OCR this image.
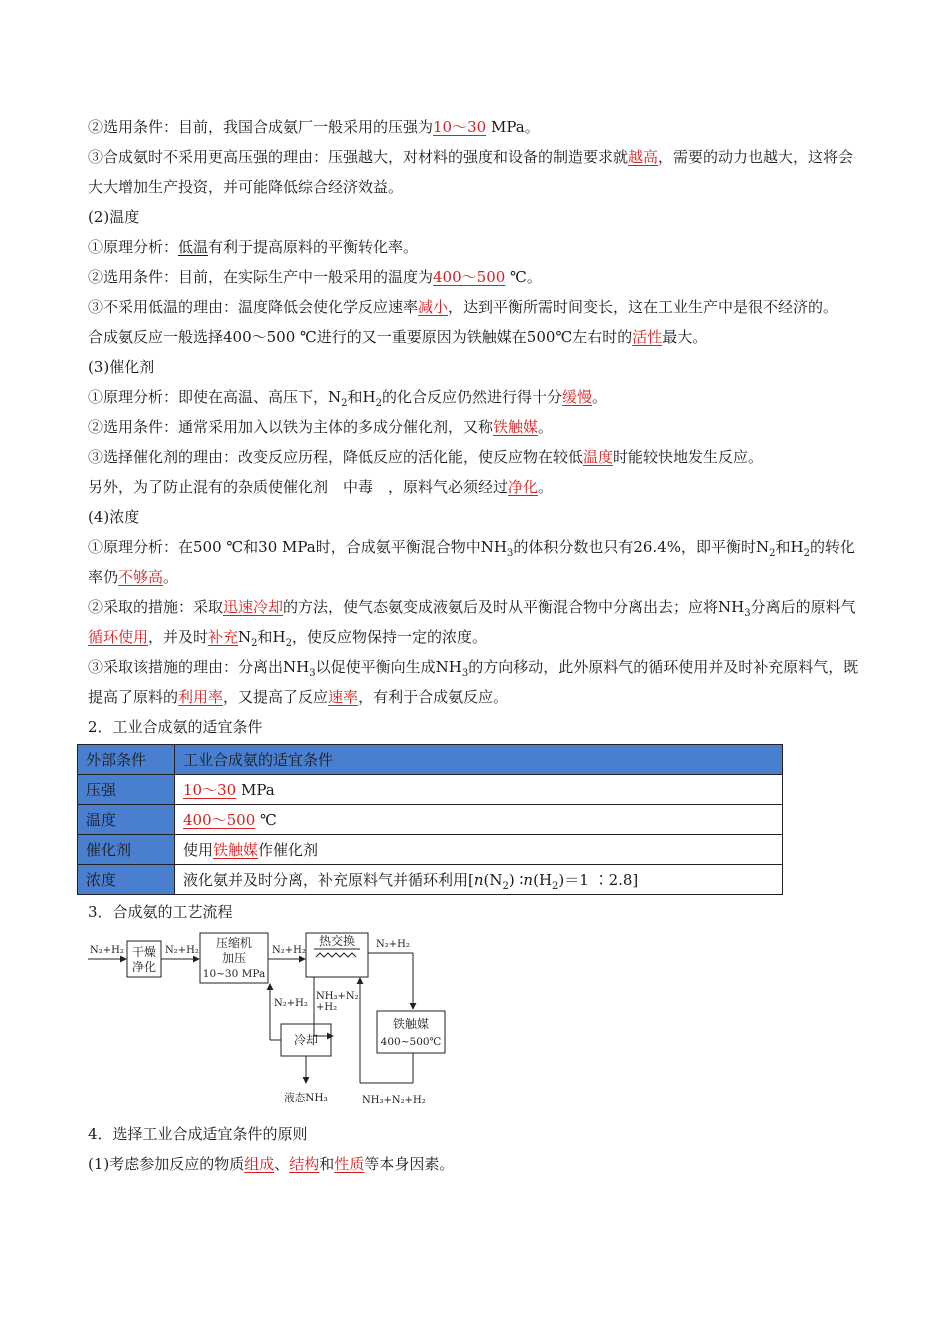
②选用条件：目前，我国合成氨厂一般采用的压强为10～30 MPa。
③合成氨时不采用更高压强的理由：压强越大，对材料的强度和设备的制造要求就越高，需要的动力也越大，这将会大大增加生产投资，并可能降低综合经济效益。
(2)温度
①原理分析：低温有利于提高原料的平衡转化率。
②选用条件：目前，在实际生产中一般采用的温度为400～500 ℃。
③不采用低温的理由：温度降低会使化学反应速率减小，达到平衡所需时间变长，这在工业生产中是很不经济的。
合成氨反应一般选择400～500 ℃进行的又一重要原因为铁触媒在500℃左右时的活性最大。
(3)催化剂
①原理分析：即使在高温、高压下，$N_2$和$H_2$的化合反应仍然进行得十分缓慢。
②选用条件：通常采用加入以铁为主体的多成分催化剂，又称铁触媒。
③选择催化剂的理由：改变反应历程，降低反应的活化能，使反应物在较低温度时能较快地发生反应。
另外，为了防止混有的杂质使催化剂　中毒　，原料气必须经过净化。
(4)浓度
①原理分析：在500 ℃和30 MPa时，合成氨平衡混合物中$NH_3$的体积分数也只有26.4%，即平衡时$N_2$和$H_2$的转化率仍不够高。
②采取的措施：采取迅速冷却的方法，使气态氨变成液氨后及时从平衡混合物中分离出去；应将$NH_3$分离后的原料气循环使用，并及时补充$N_2$和$H_2$，使反应物保持一定的浓度。
③采取该措施的理由：分离出$NH_3$以促使平衡向生成$NH_3$的方向移动，此外原料气的循环使用并及时补充原料气，既提高了原料的利用率，又提高了反应速率，有利于合成氨反应。
2．工业合成氨的适宜条件
外部条件	工业合成氨的适宜条件
压强	10～30 MPa
温度	400～500 ℃
催化剂	使用铁触媒作催化剂
浓度	液化氨并及时分离，补充原料气并循环利用[$n(N_2)$ $∶n(H_2)=1$ ∶2.8]
3．合成氨的工艺流程
N₂+H₂	N₂+H₂	N₂+H₂
N₂+H₂
N₂+H₂
NH₃+N₂
+H₂
NH₃+N₂+H₂
干燥
净化
压缩机
加压
10~30 MPa
热交换
铁触媒
400~500℃
冷却
液态NH₃
4．选择工业合成适宜条件的原则
(1)考虑参加反应的物质组成、结构和性质等本身因素。
